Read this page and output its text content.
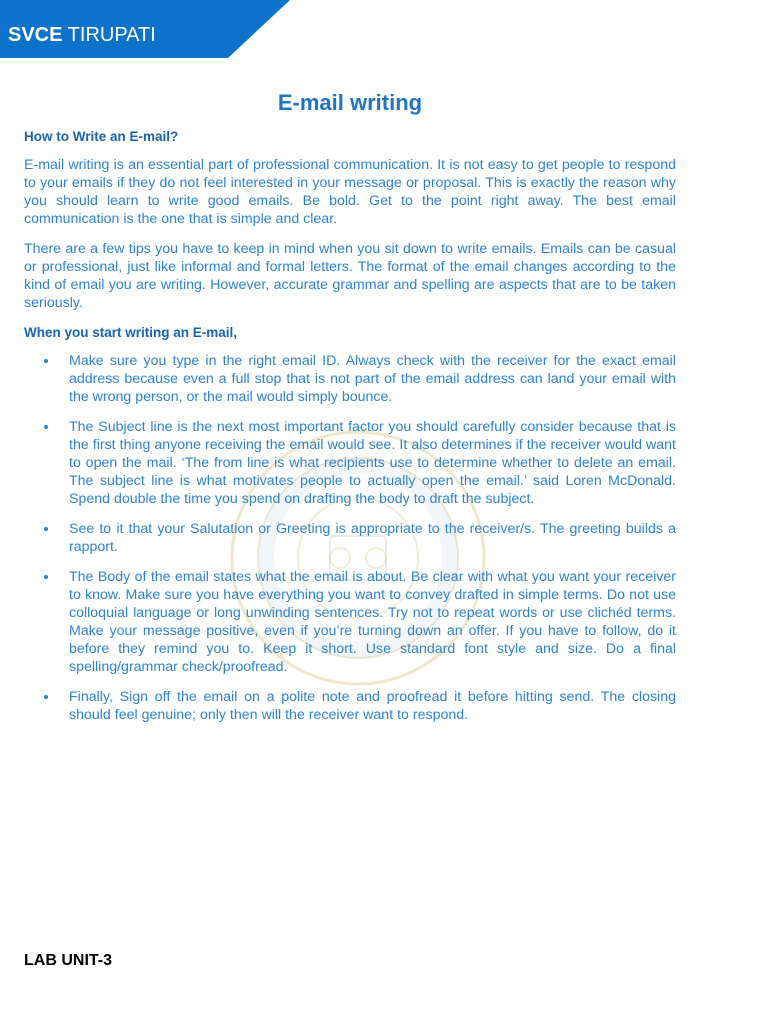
SVCE TIRUPATI
E-mail writing
How to Write an E-mail?

E-mail writing is an essential part of professional communication. It is not easy to get people to respond to your emails if they do not feel interested in your message or proposal. This is exactly the reason why you should learn to write good emails. Be bold. Get to the point right away. The best email communication is the one that is simple and clear.

There are a few tips you have to keep in mind when you sit down to write emails. Emails can be casual or professional, just like informal and formal letters. The format of the email changes according to the kind of email you are writing. However, accurate grammar and spelling are aspects that are to be taken seriously.

When you start writing an E-mail,
Make sure you type in the right email ID. Always check with the receiver for the exact email address because even a full stop that is not part of the email address can land your email with the wrong person, or the mail would simply bounce.
The Subject line is the next most important factor you should carefully consider because that is the first thing anyone receiving the email would see. It also determines if the receiver would want to open the mail. ‘The from line is what recipients use to determine whether to delete an email. The subject line is what motivates people to actually open the email.’ said Loren McDonald. Spend double the time you spend on drafting the body to draft the subject.
See to it that your Salutation or Greeting is appropriate to the receiver/s. The greeting builds a rapport.
The Body of the email states what the email is about. Be clear with what you want your receiver to know. Make sure you have everything you want to convey drafted in simple terms. Do not use colloquial language or long unwinding sentences. Try not to repeat words or use clichéd terms. Make your message positive, even if you’re turning down an offer. If you have to follow, do it before they remind you to. Keep it short. Use standard font style and size. Do a final spelling/grammar check/proofread.
Finally, Sign off the email on a polite note and proofread it before hitting send. The closing should feel genuine; only then will the receiver want to respond.
LAB UNIT-3
